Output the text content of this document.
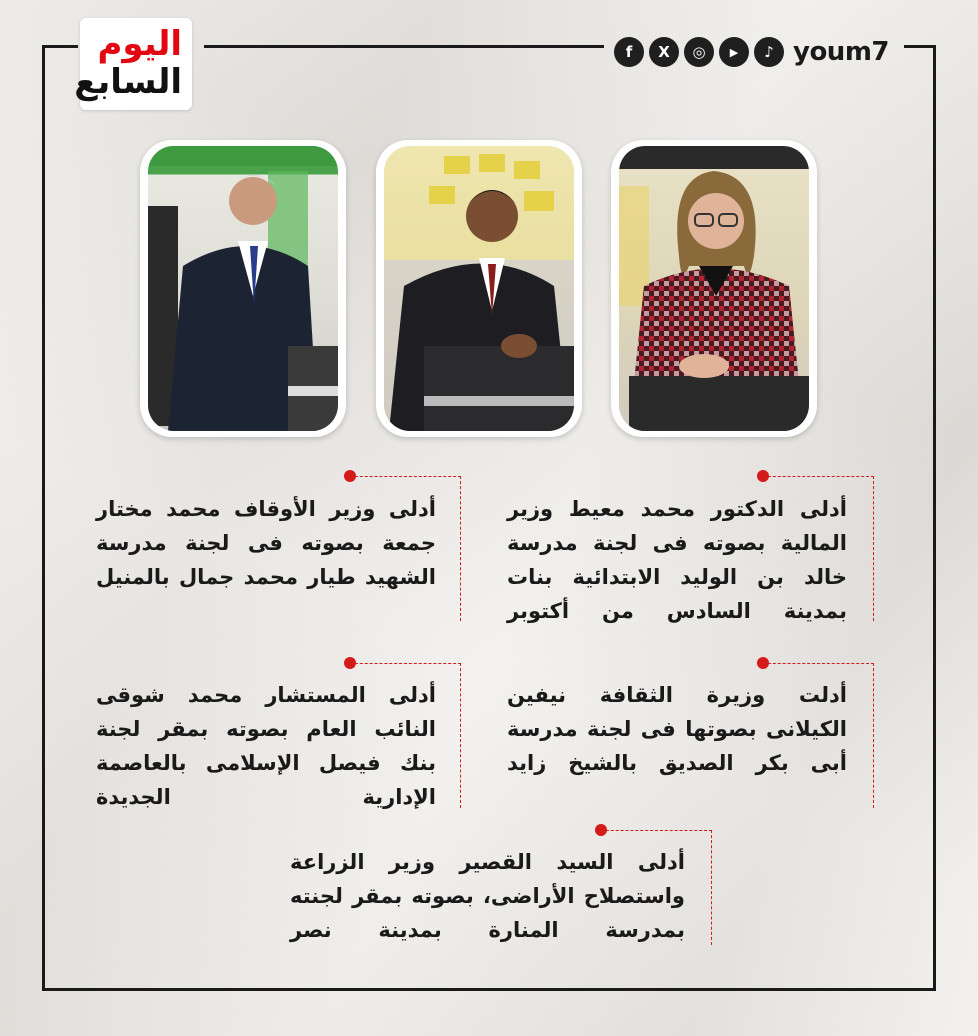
اليوم
السابع
f	X	◎	▶	♪ youm7
أدلى الدكتور محمد معيط وزير المالية بصوته فى لجنة مدرسة خالد بن الوليد الابتدائية بنات بمدينة السادس من أكتوبر
أدلى وزير الأوقاف محمد مختار جمعة بصوته فى لجنة مدرسة الشهيد طيار محمد جمال بالمنيل
أدلت وزيرة الثقافة نيفين الكيلانى بصوتها فى لجنة مدرسة أبى بكر الصديق بالشيخ زايد
أدلى المستشار محمد شوقى النائب العام بصوته بمقر لجنة بنك فيصل الإسلامى بالعاصمة الإدارية الجديدة
أدلى السيد القصير وزير الزراعة واستصلاح الأراضى، بصوته بمقر لجنته بمدرسة المنارة بمدينة نصر
